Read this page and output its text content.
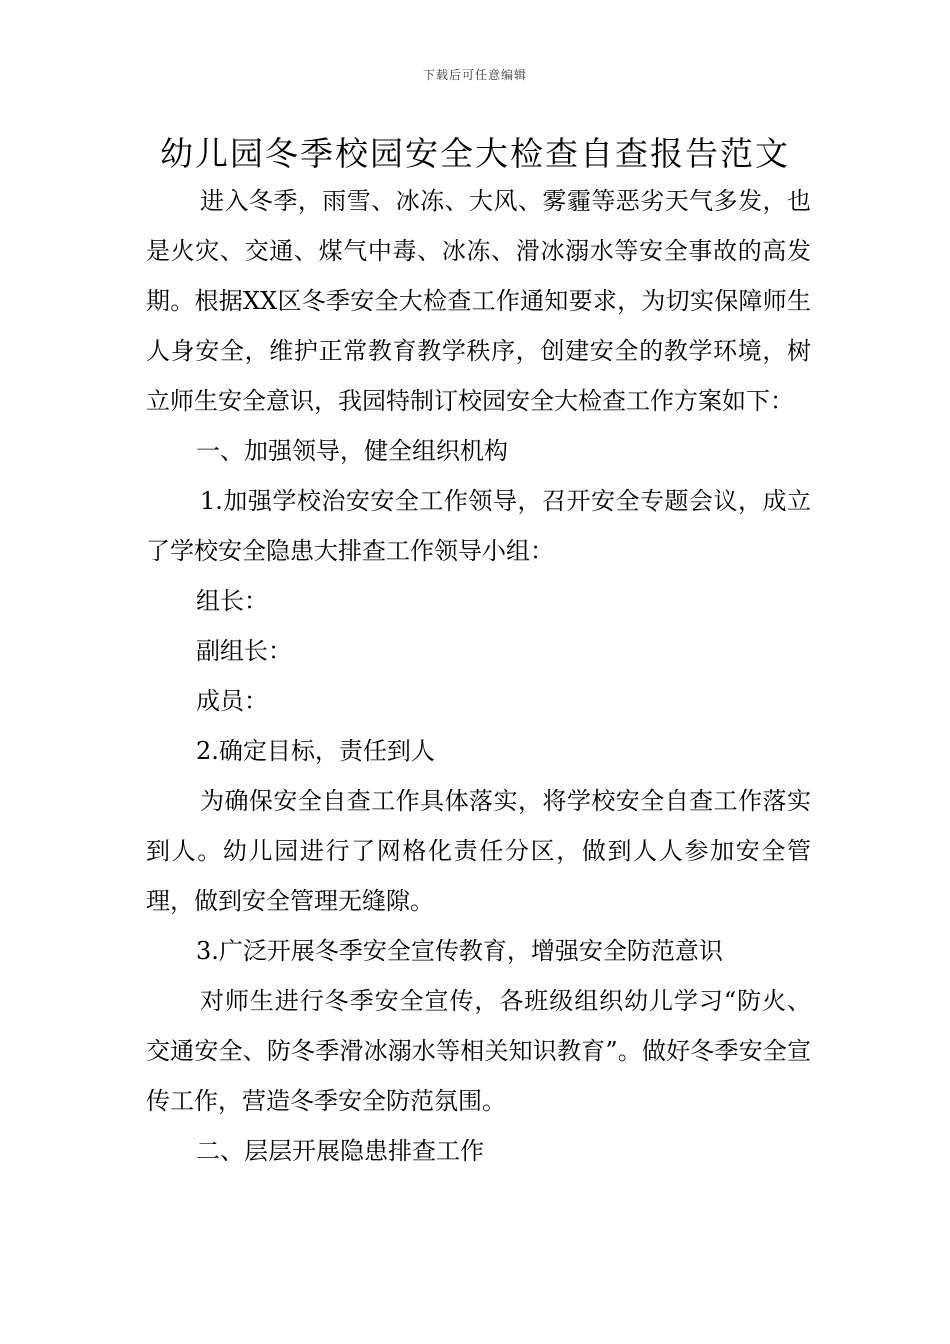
下载后可任意编辑
幼儿园冬季校园安全大检查自查报告范文

进入冬季，雨雪、冰冻、大风、雾霾等恶劣天气多发，也是火灾、交通、煤气中毒、冰冻、滑冰溺水等安全事故的高发期。根据XX区冬季安全大检查工作通知要求，为切实保障师生人身安全，维护正常教育教学秩序，创建安全的教学环境，树立师生安全意识，我园特制订校园安全大检查工作方案如下：

一、加强领导，健全组织机构

1.加强学校治安安全工作领导，召开安全专题会议，成立了学校安全隐患大排查工作领导小组：

组长：

副组长：

成员：

2.确定目标，责任到人

为确保安全自查工作具体落实，将学校安全自查工作落实到人。幼儿园进行了网格化责任分区，做到人人参加安全管理，做到安全管理无缝隙。

3.广泛开展冬季安全宣传教育，增强安全防范意识

对师生进行冬季安全宣传，各班级组织幼儿学习“防火、交通安全、防冬季滑冰溺水等相关知识教育”。做好冬季安全宣传工作，营造冬季安全防范氛围。

二、层层开展隐患排查工作
